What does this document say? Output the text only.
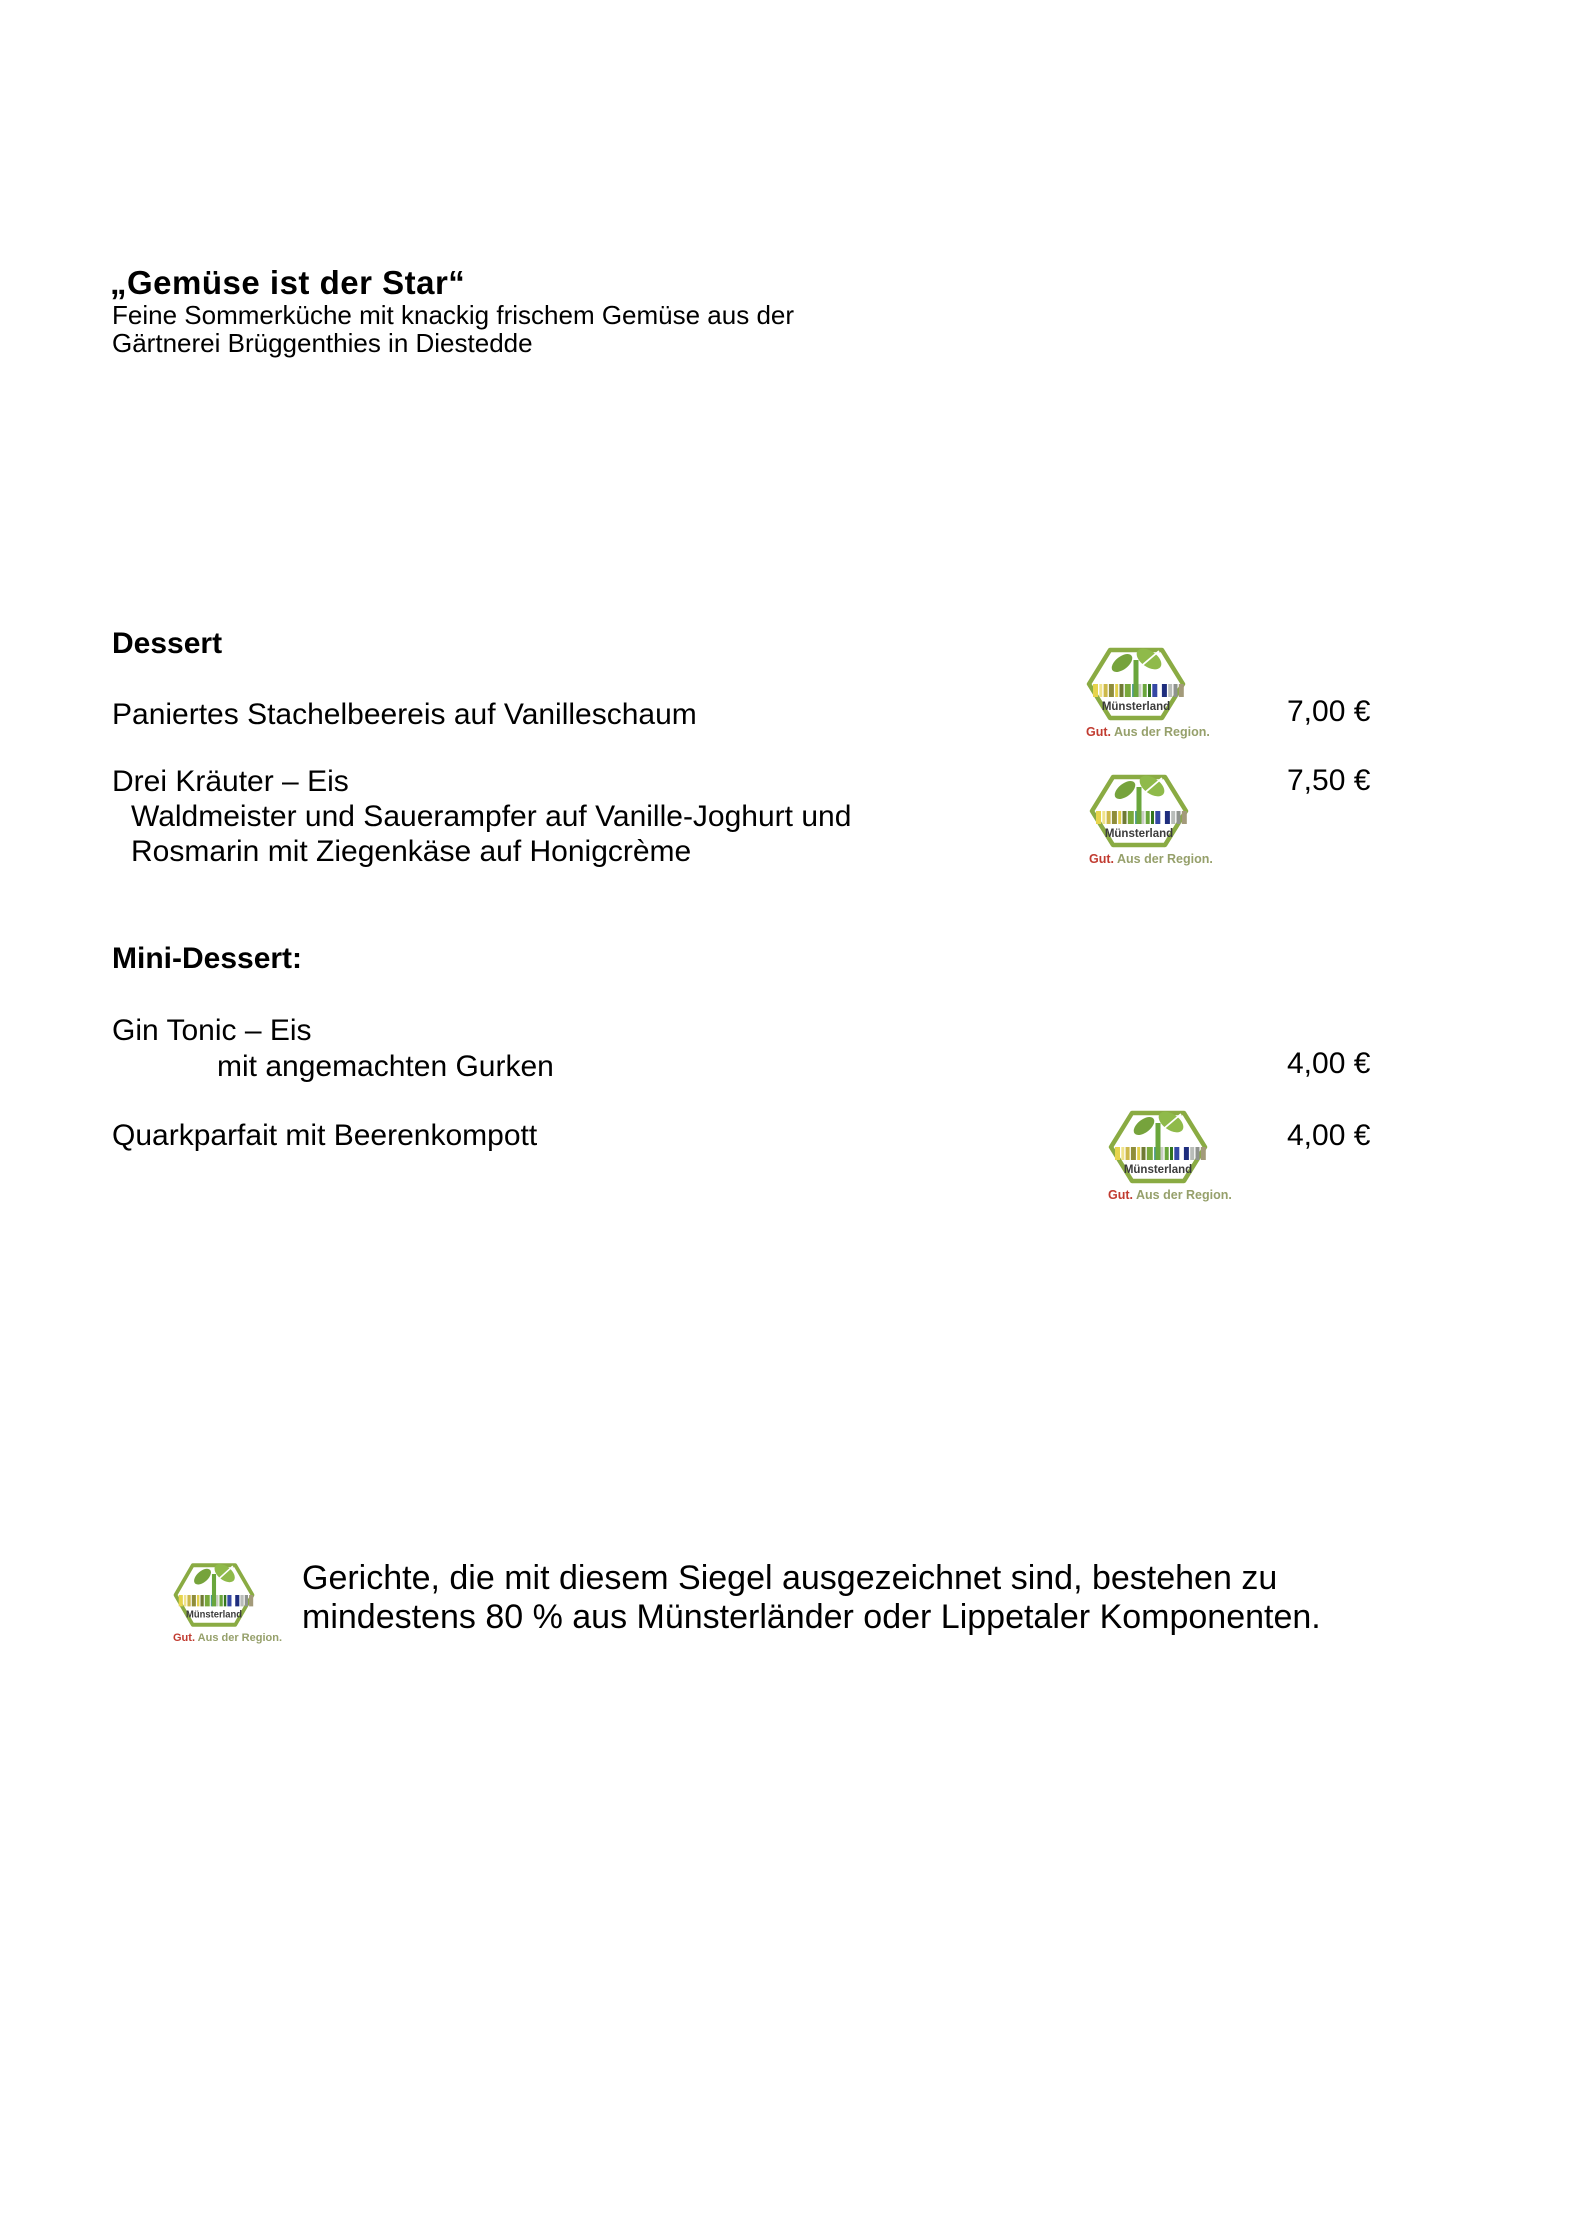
„Gemüse ist der Star“
Feine Sommerküche mit knackig frischem Gemüse aus der
Gärtnerei Brüggenthies in Diestedde
Dessert
Paniertes Stachelbeereis auf Vanilleschaum	7,00 €
Münsterland
Gut. Aus der Region.
Drei Kräuter – Eis
Waldmeister und Sauerampfer auf Vanille-Joghurt und
Rosmarin mit Ziegenkäse auf Honigcrème
7,50 €
Münsterland
Gut. Aus der Region.
Mini-Dessert:
Gin Tonic – Eis
mit angemachten Gurken	4,00 €
Quarkparfait mit Beerenkompott	4,00 €
Münsterland
Gut. Aus der Region.
Münsterland
Gut. Aus der Region.
Gerichte, die mit diesem Siegel ausgezeichnet sind, bestehen zu
mindestens 80 % aus Münsterländer oder Lippetaler Komponenten.
